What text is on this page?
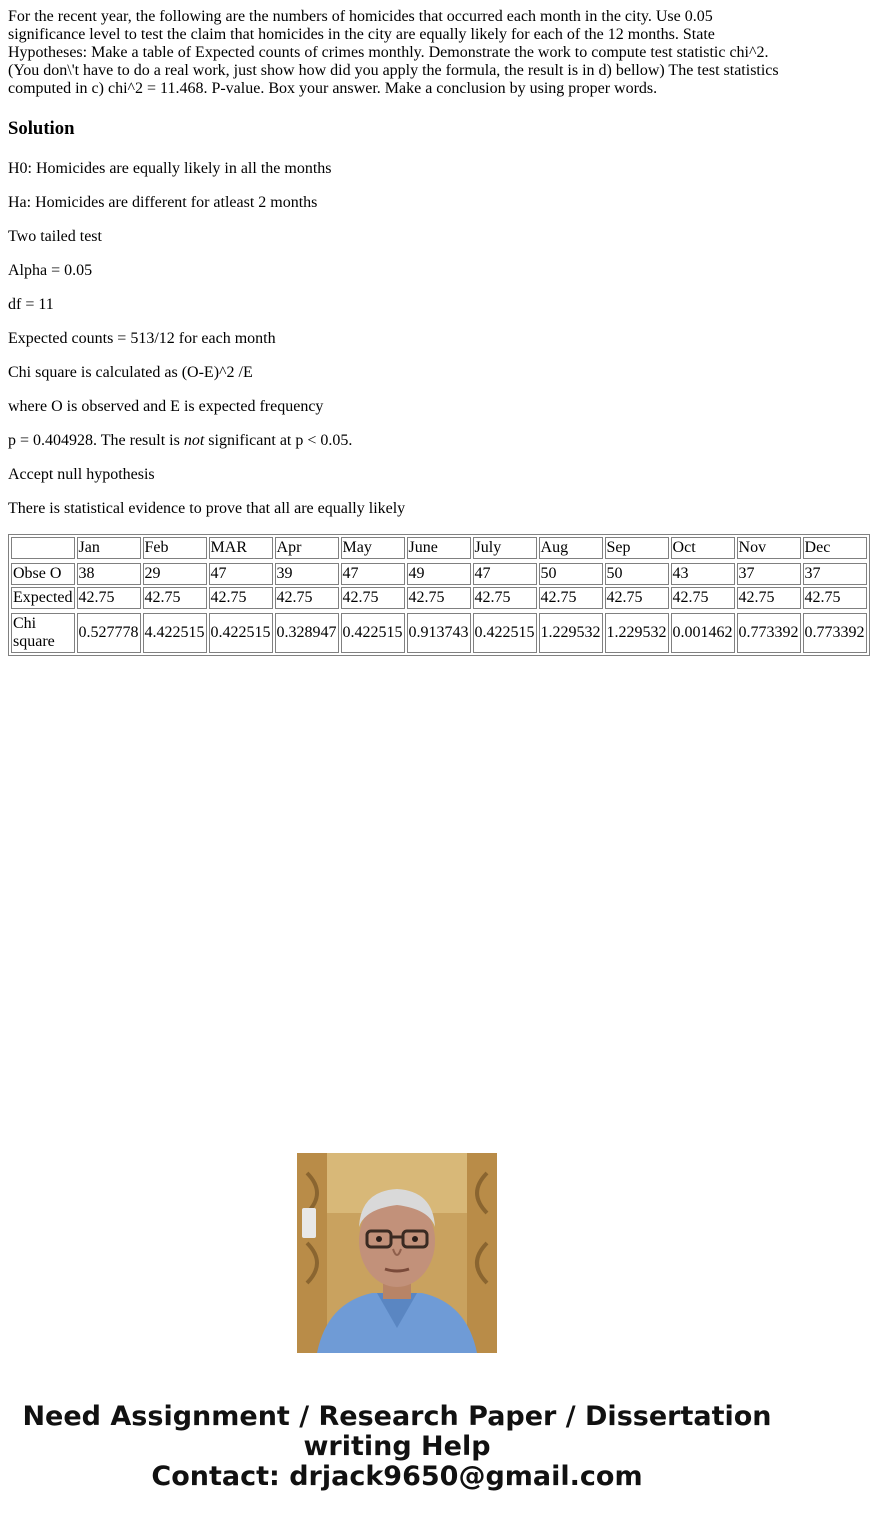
For the recent year, the following are the numbers of homicides that occurred each month in the city. Use 0.05 significance level to test the claim that homicides in the city are equally likely for each of the 12 months. State Hypotheses: Make a table of Expected counts of crimes monthly. Demonstrate the work to compute test statistic chi^2. (You don\'t have to do a real work, just show how did you apply the formula, the result is in d) bellow) The test statistics computed in c) chi^2 = 11.468. P-value. Box your answer. Make a conclusion by using proper words.

Solution

H0: Homicides are equally likely in all the months

Ha: Homicides are different for atleast 2 months

Two tailed test

Alpha = 0.05

df = 11

Expected counts = 513/12 for each month

Chi square is calculated as (O-E)^2 /E

where O is observed and E is expected frequency

p = 0.404928. The result is not significant at p < 0.05.

Accept null hypothesis

There is statistical evidence to prove that all are equally likely

	Jan	Feb	MAR	Apr	May	June	July	Aug	Sep	Oct	Nov	Dec

Obse O	38	29	47	39	47	49	47	50	50	43	37	37
Expected	42.75	42.75	42.75	42.75	42.75	42.75	42.75	42.75	42.75	42.75	42.75	42.75

Chi square	0.527778	4.422515	0.422515	0.328947	0.422515	0.913743	0.422515	1.229532	1.229532	0.001462	0.773392	0.773392
Need Assignment / Research Paper / Dissertation
writing Help
Contact: drjack9650@gmail.com
